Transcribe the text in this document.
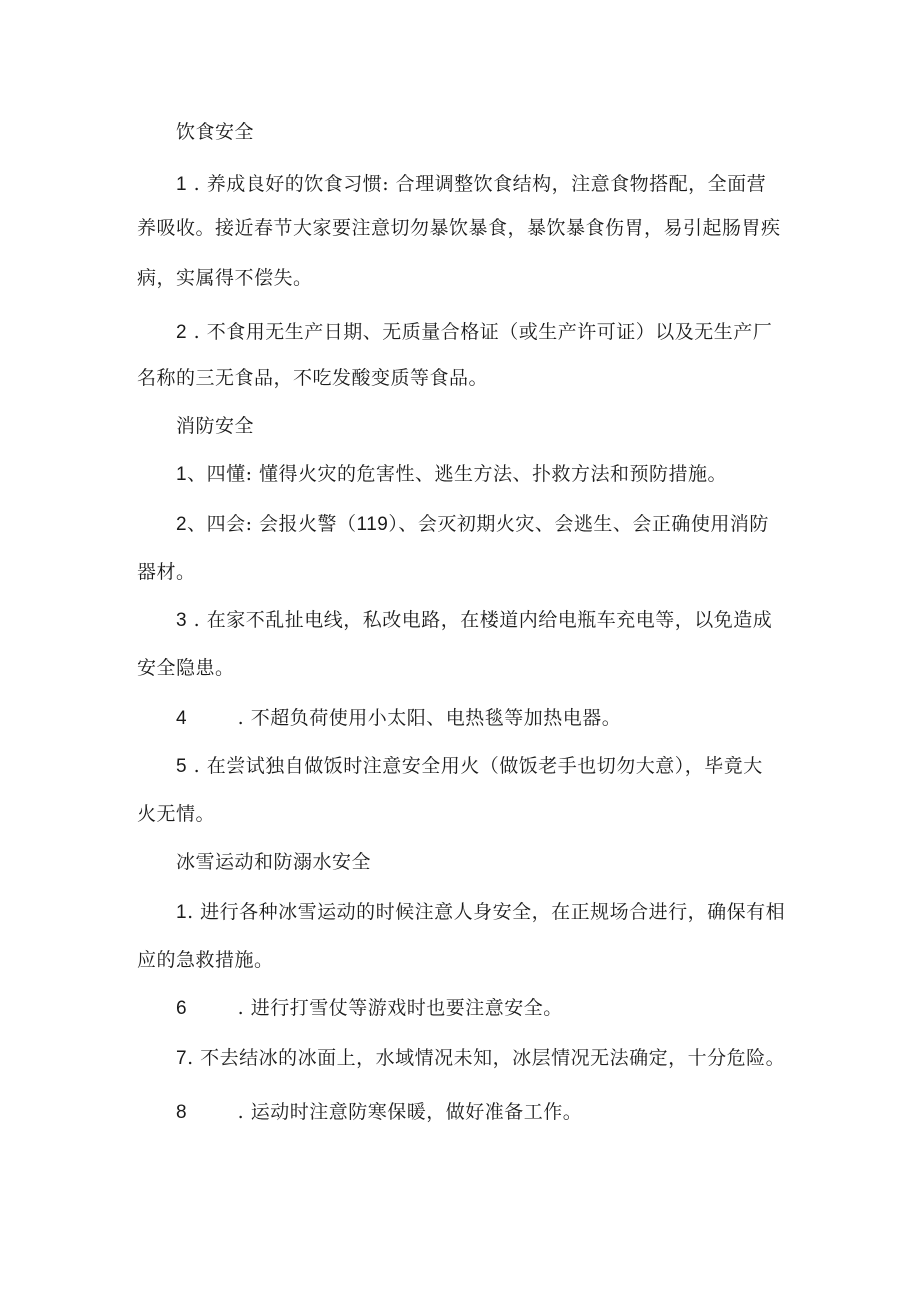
饮食安全
1 . 养成良好的饮食习惯: 合理调整饮食结构，注意食物搭配，全面营
养吸收。接近春节大家要注意切勿暴饮暴食，暴饮暴食伤胃，易引起肠胃疾
病，实属得不偿失。
2 . 不食用无生产日期、无质量合格证（或生产许可证）以及无生产厂
名称的三无食品，不吃发酸变质等食品。
消防安全
1、四懂: 懂得火灾的危害性、逃生方法、扑救方法和预防措施。
2、四会: 会报火警（119）、会灭初期火灾、会逃生、会正确使用消防
器材。
3 . 在家不乱扯电线，私改电路，在楼道内给电瓶车充电等，以免造成
安全隐患。
4 . 不超负荷使用小太阳、电热毯等加热电器。
5 . 在尝试独自做饭时注意安全用火（做饭老手也切勿大意），毕竟大
火无情。
冰雪运动和防溺水安全
1. 进行各种冰雪运动的时候注意人身安全，在正规场合进行，确保有相
应的急救措施。
6 . 进行打雪仗等游戏时也要注意安全。
7. 不去结冰的冰面上，水域情况未知，冰层情况无法确定，十分危险。
8 . 运动时注意防寒保暖，做好准备工作。
